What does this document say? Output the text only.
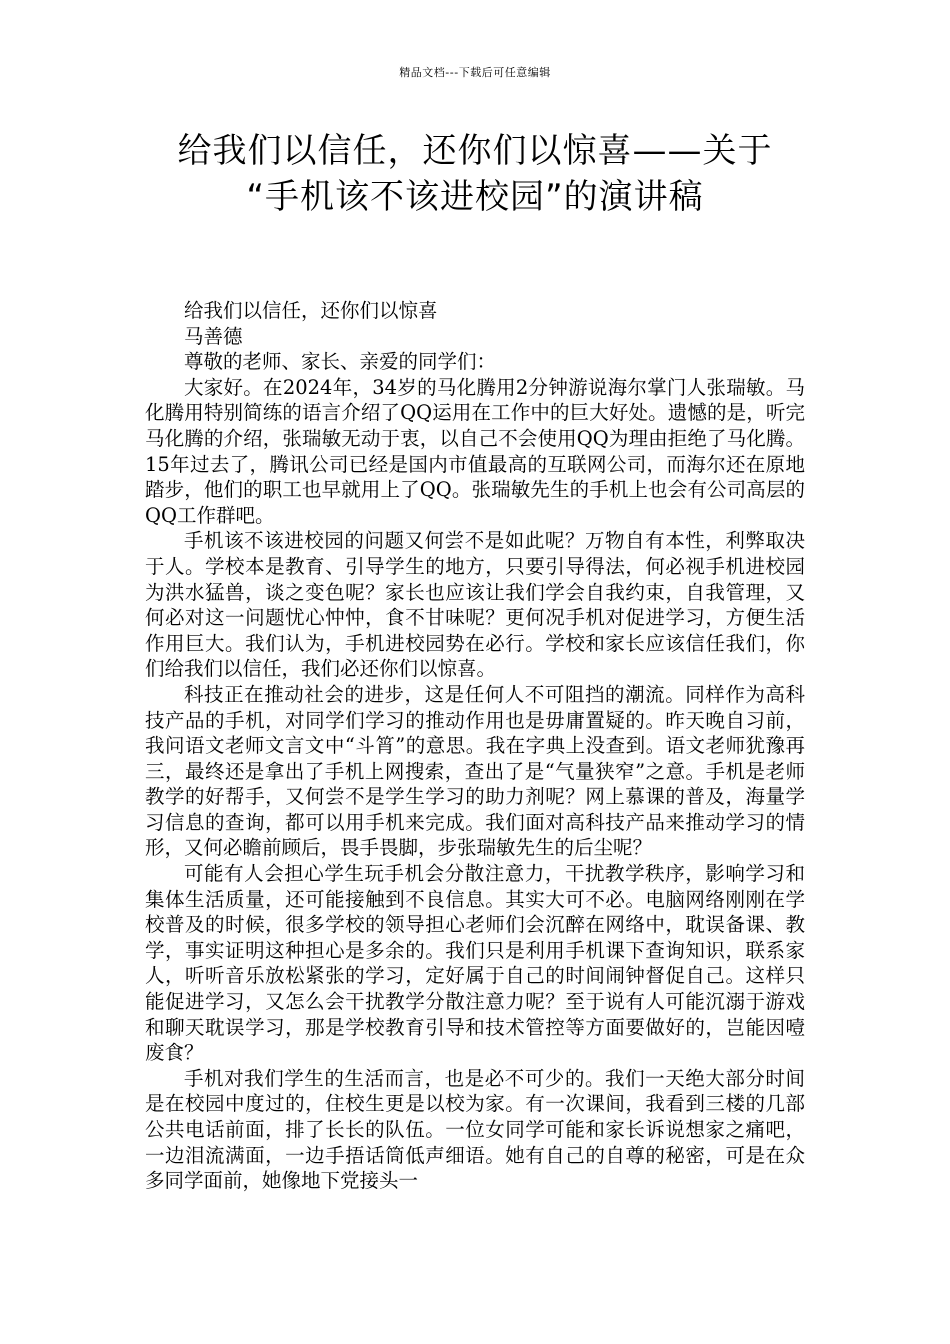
精品文档---下载后可任意编辑
给我们以信任，还你们以惊喜——关于
“手机该不该进校园”的演讲稿

给我们以信任，还你们以惊喜

马善德

尊敬的老师、家长、亲爱的同学们：

大家好。在2024年，34岁的马化腾用2分钟游说海尔掌门人张瑞敏。马化腾用特别简练的语言介绍了QQ运用在工作中的巨大好处。遗憾的是，听完马化腾的介绍，张瑞敏无动于衷，以自己不会使用QQ为理由拒绝了马化腾。15年过去了，腾讯公司已经是国内市值最高的互联网公司，而海尔还在原地踏步，他们的职工也早就用上了QQ。张瑞敏先生的手机上也会有公司高层的QQ工作群吧。

手机该不该进校园的问题又何尝不是如此呢？万物自有本性，利弊取决于人。学校本是教育、引导学生的地方，只要引导得法，何必视手机进校园为洪水猛兽，谈之变色呢？家长也应该让我们学会自我约束，自我管理，又何必对这一问题忧心忡忡，食不甘味呢？更何况手机对促进学习，方便生活作用巨大。我们认为，手机进校园势在必行。学校和家长应该信任我们，你们给我们以信任，我们必还你们以惊喜。

科技正在推动社会的进步，这是任何人不可阻挡的潮流。同样作为高科技产品的手机，对同学们学习的推动作用也是毋庸置疑的。昨天晚自习前，我问语文老师文言文中“斗筲”的意思。我在字典上没查到。语文老师犹豫再三，最终还是拿出了手机上网搜索，查出了是“气量狭窄”之意。手机是老师教学的好帮手，又何尝不是学生学习的助力剂呢？网上慕课的普及，海量学习信息的查询，都可以用手机来完成。我们面对高科技产品来推动学习的情形，又何必瞻前顾后，畏手畏脚，步张瑞敏先生的后尘呢？

可能有人会担心学生玩手机会分散注意力，干扰教学秩序，影响学习和集体生活质量，还可能接触到不良信息。其实大可不必。电脑网络刚刚在学校普及的时候，很多学校的领导担心老师们会沉醉在网络中，耽误备课、教学，事实证明这种担心是多余的。我们只是利用手机课下查询知识，联系家人，听听音乐放松紧张的学习，定好属于自己的时间闹钟督促自己。这样只能促进学习，又怎么会干扰教学分散注意力呢？至于说有人可能沉溺于游戏和聊天耽误学习，那是学校教育引导和技术管控等方面要做好的，岂能因噎废食？

手机对我们学生的生活而言，也是必不可少的。我们一天绝大部分时间是在校园中度过的，住校生更是以校为家。有一次课间，我看到三楼的几部公共电话前面，排了长长的队伍。一位女同学可能和家长诉说想家之痛吧，一边泪流满面，一边手捂话筒低声细语。她有自己的自尊的秘密，可是在众多同学面前，她像地下党接头一
